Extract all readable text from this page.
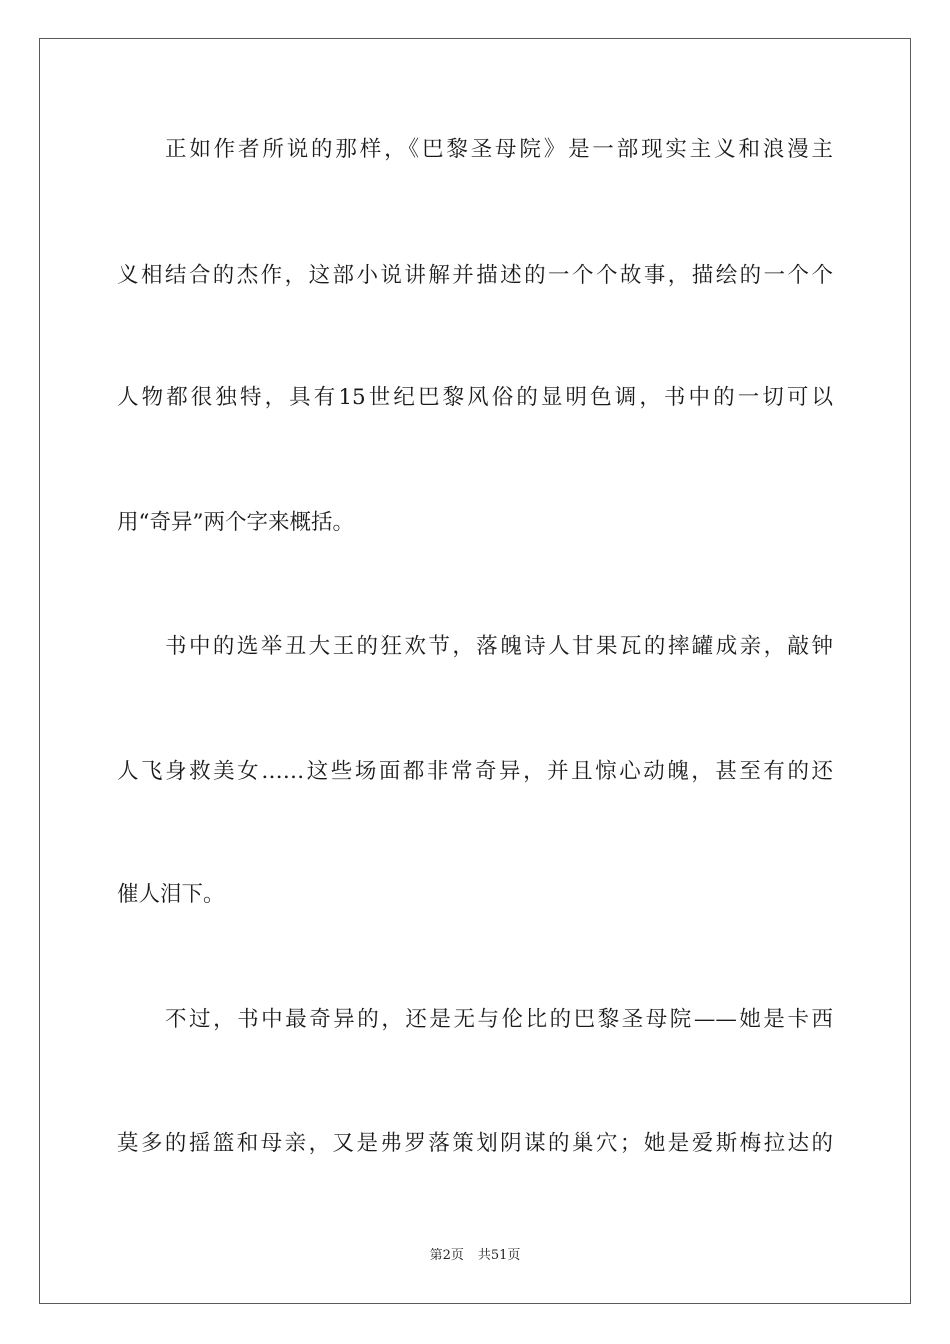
正如作者所说的那样，《巴黎圣母院》是一部现实主义和浪漫主
义相结合的杰作，这部小说讲解并描述的一个个故事，描绘的一个个
人物都很独特，具有15世纪巴黎风俗的显明色调，书中的一切可以
用“奇异”两个字来概括。
书中的选举丑大王的狂欢节，落魄诗人甘果瓦的摔罐成亲，敲钟
人飞身救美女……这些场面都非常奇异，并且惊心动魄，甚至有的还
催人泪下。
不过，书中最奇异的，还是无与伦比的巴黎圣母院——她是卡西
莫多的摇篮和母亲，又是弗罗落策划阴谋的巢穴；她是爱斯梅拉达的
第2页 共51页
